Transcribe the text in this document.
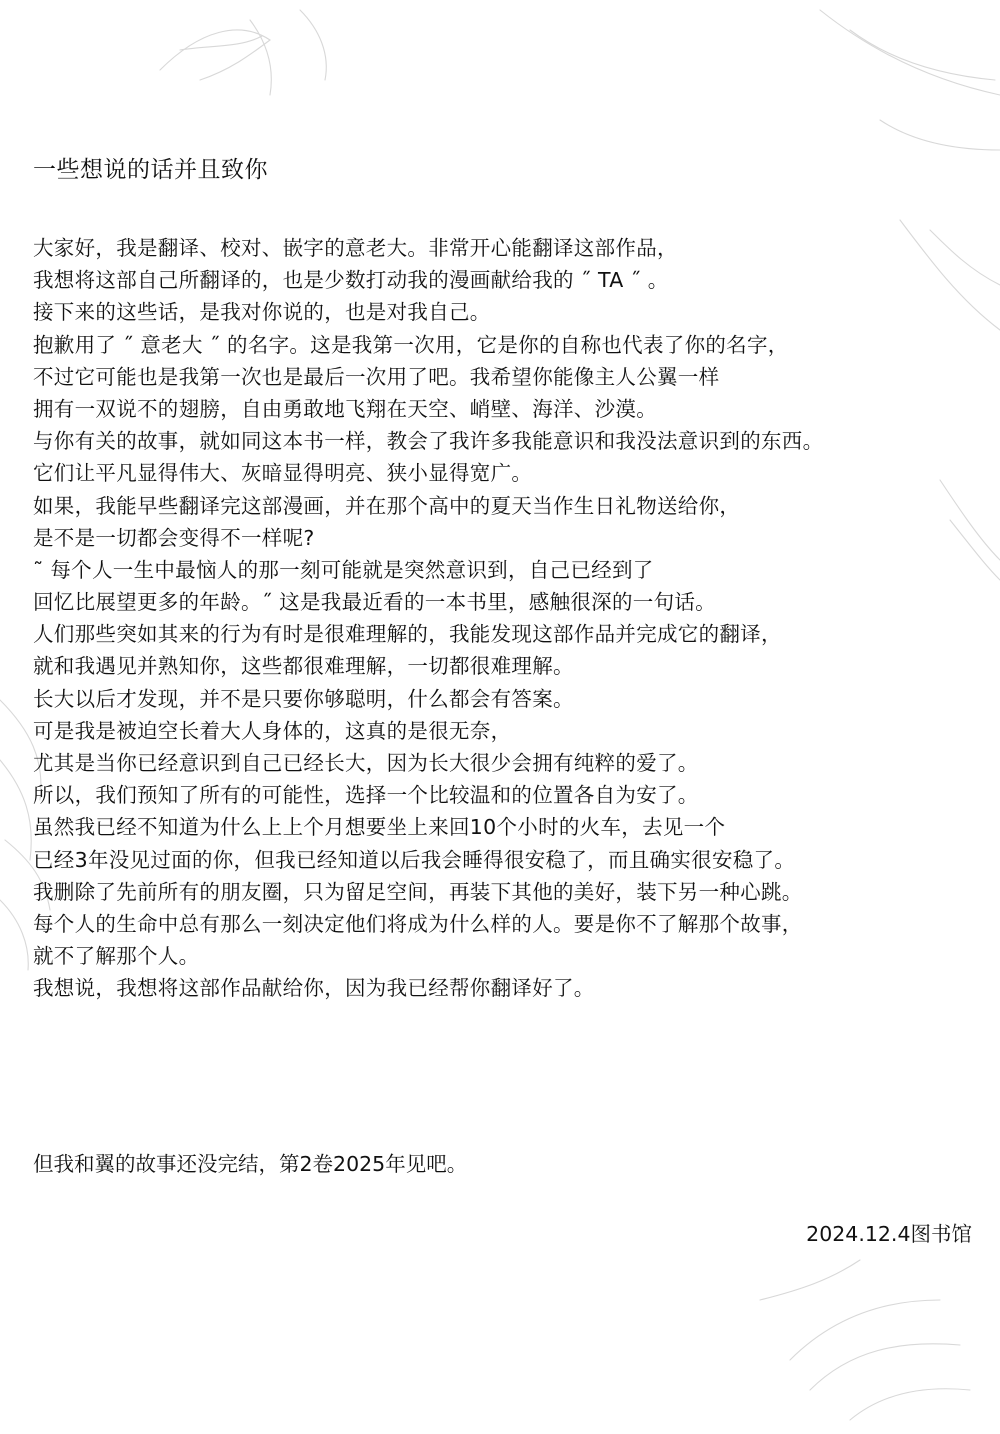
一些想说的话并且致你
大家好，我是翻译、校对、嵌字的意老大。非常开心能翻译这部作品，
我想将这部自己所翻译的，也是少数打动我的漫画献给我的 ˝ TA ˝ 。
接下来的这些话，是我对你说的，也是对我自己。
抱歉用了 ˝ 意老大 ˝ 的名字。这是我第一次用，它是你的自称也代表了你的名字，
不过它可能也是我第一次也是最后一次用了吧。我希望你能像主人公翼一样
拥有一双说不的翅膀，自由勇敢地飞翔在天空、峭壁、海洋、沙漠。
与你有关的故事，就如同这本书一样，教会了我许多我能意识和我没法意识到的东西。
它们让平凡显得伟大、灰暗显得明亮、狭小显得宽广。
如果，我能早些翻译完这部漫画，并在那个高中的夏天当作生日礼物送给你，
是不是一切都会变得不一样呢?
˜ 每个人一生中最恼人的那一刻可能就是突然意识到，自己已经到了
回忆比展望更多的年龄。˝ 这是我最近看的一本书里，感触很深的一句话。
人们那些突如其来的行为有时是很难理解的，我能发现这部作品并完成它的翻译，
就和我遇见并熟知你，这些都很难理解，一切都很难理解。
长大以后才发现，并不是只要你够聪明，什么都会有答案。
可是我是被迫空长着大人身体的，这真的是很无奈，
尤其是当你已经意识到自己已经长大，因为长大很少会拥有纯粹的爱了。
所以，我们预知了所有的可能性，选择一个比较温和的位置各自为安了。
虽然我已经不知道为什么上上个月想要坐上来回10个小时的火车，去见一个
已经3年没见过面的你，但我已经知道以后我会睡得很安稳了，而且确实很安稳了。
我删除了先前所有的朋友圈，只为留足空间，再装下其他的美好，装下另一种心跳。
每个人的生命中总有那么一刻决定他们将成为什么样的人。要是你不了解那个故事，
就不了解那个人。
我想说，我想将这部作品献给你，因为我已经帮你翻译好了。
但我和翼的故事还没完结，第2卷2025年见吧。
2024.12.4图书馆
